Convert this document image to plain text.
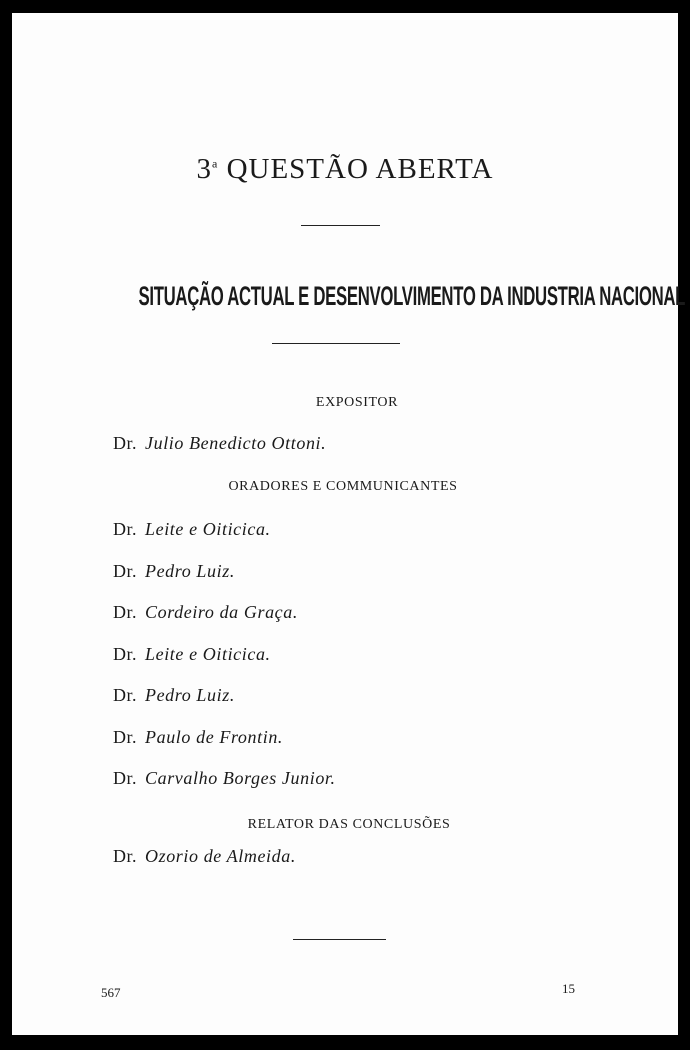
3$^a$ QUESTÃO ABERTA
SITUAÇÃO ACTUAL E DESENVOLVIMENTO DA INDUSTRIA NACIONAL
EXPOSITOR
Dr. Julio Benedicto Ottoni.
ORADORES E COMMUNICANTES
Dr. Leite e Oiticica.
Dr. Pedro Luiz.
Dr. Cordeiro da Graça.
Dr. Leite e Oiticica.
Dr. Pedro Luiz.
Dr. Paulo de Frontin.
Dr. Carvalho Borges Junior.
RELATOR DAS CONCLUSÕES
Dr. Ozorio de Almeida.
567	15
